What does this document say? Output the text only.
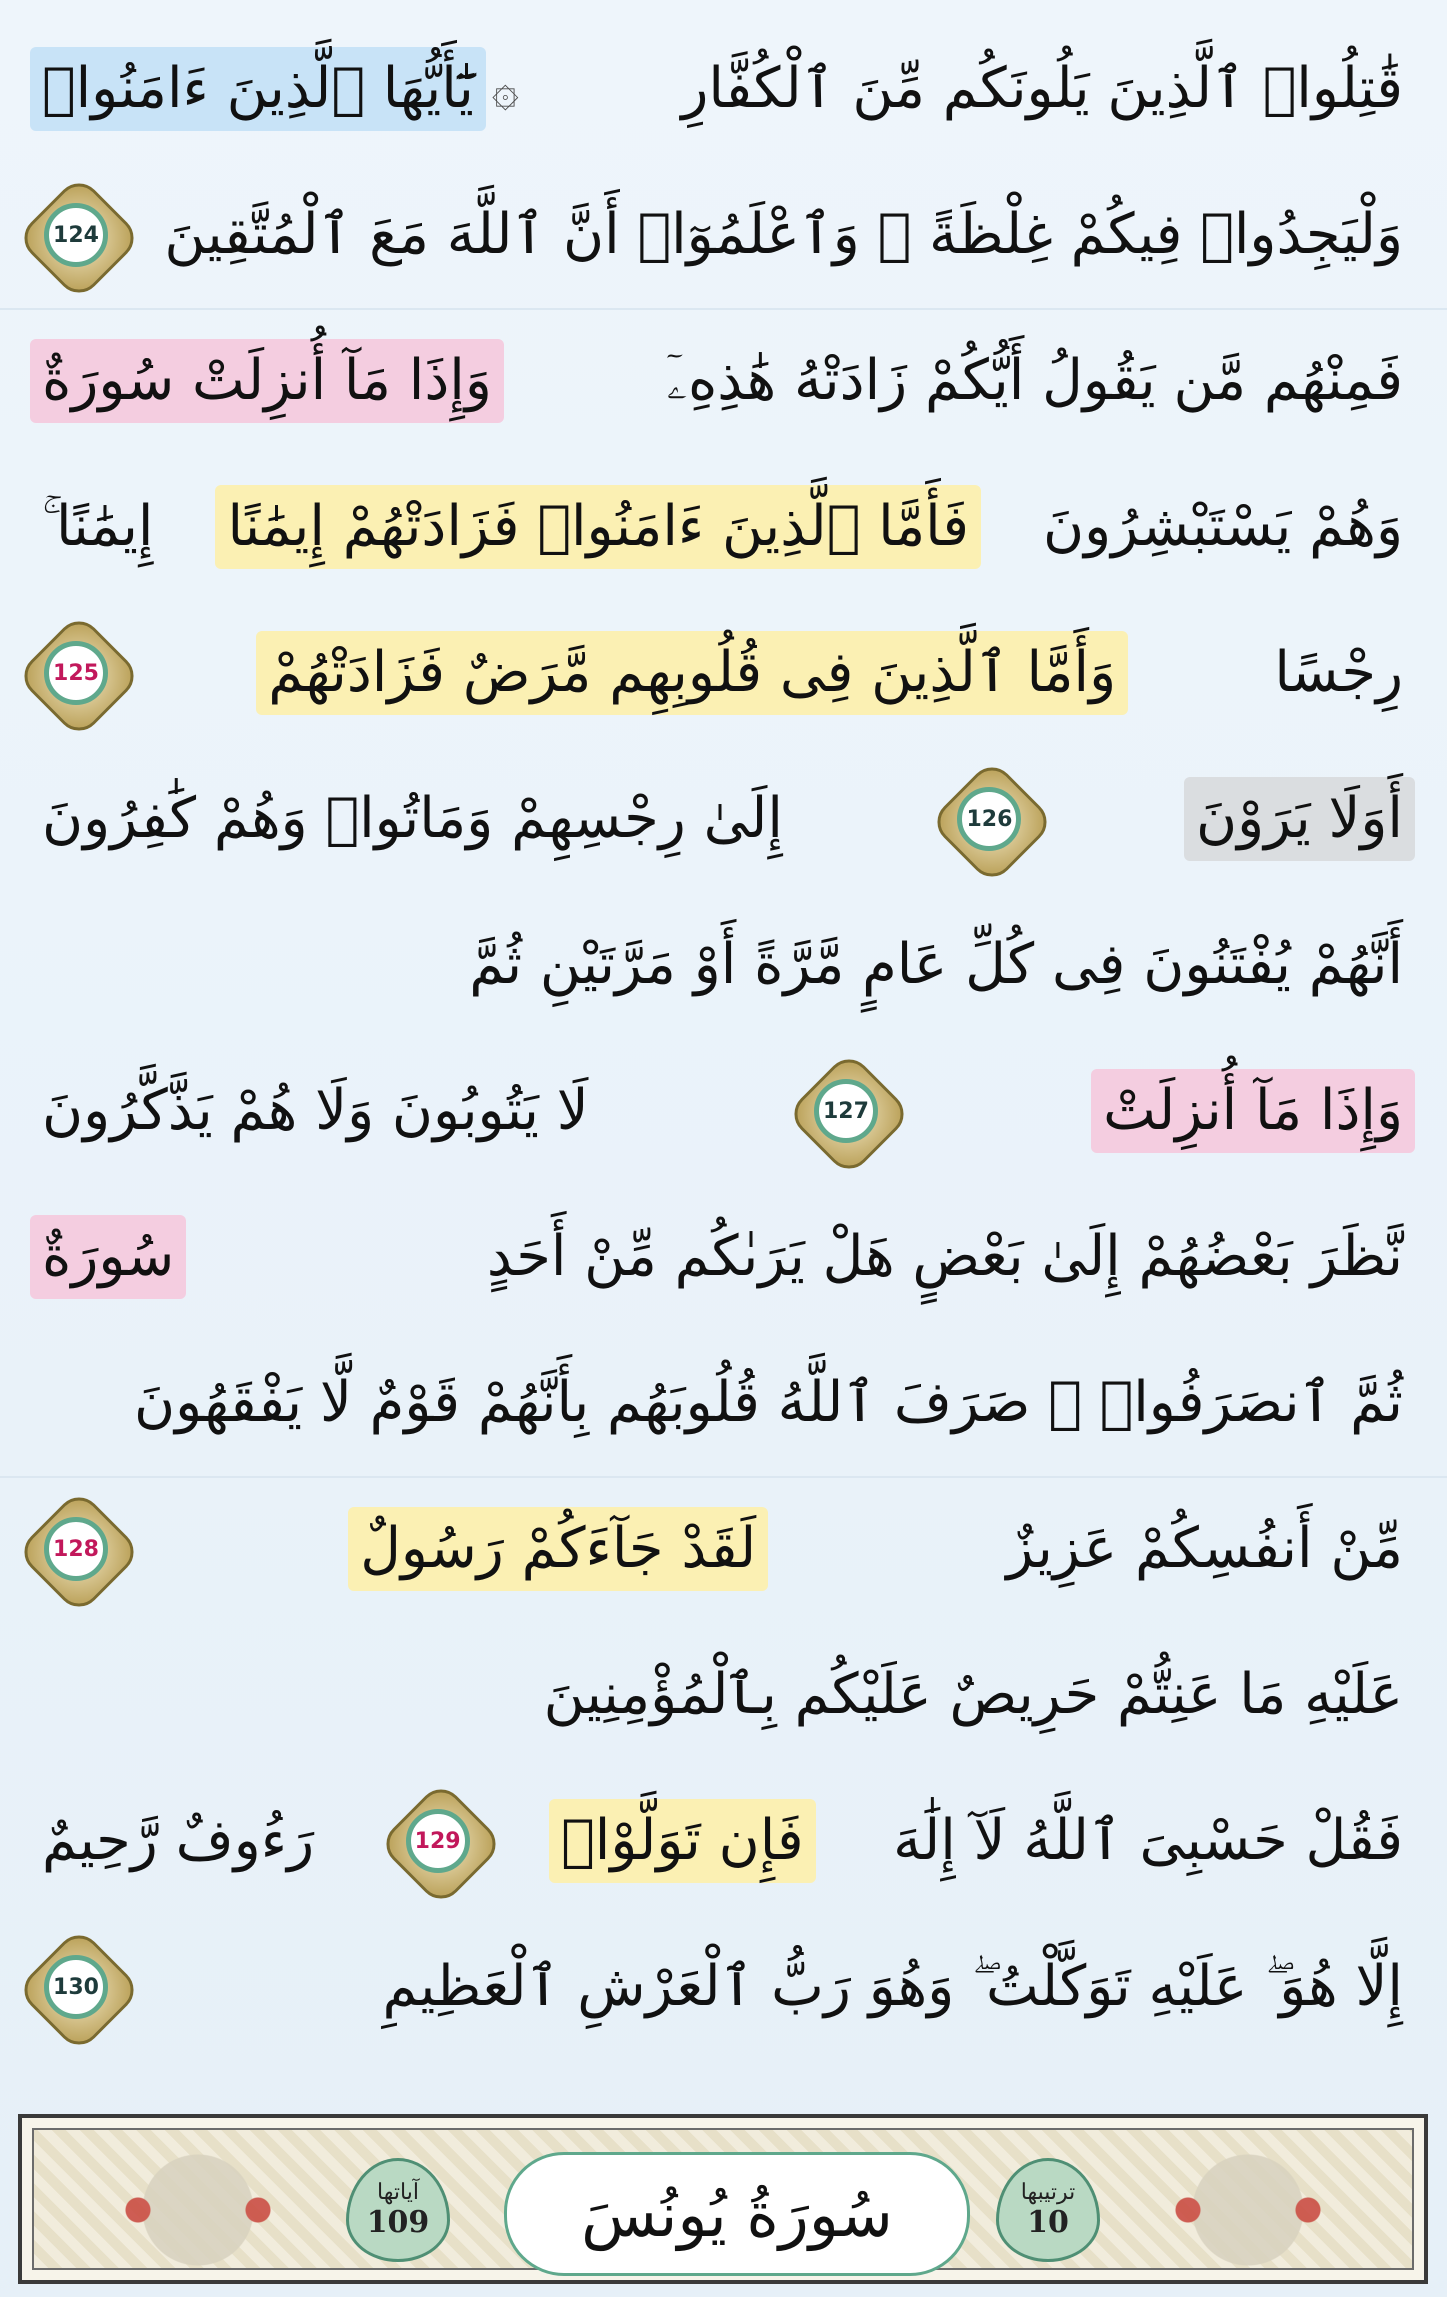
قَٰتِلُوا۟ ٱلَّذِينَ يَلُونَكُم مِّنَ ٱلْكُفَّارِ
۞
يَٰٓأَيُّهَا ٱلَّذِينَ ءَامَنُوا۟
وَلْيَجِدُوا۟ فِيكُمْ غِلْظَةً ۚ وَٱعْلَمُوٓا۟ أَنَّ ٱللَّهَ مَعَ ٱلْمُتَّقِينَ
124
فَمِنْهُم مَّن يَقُولُ أَيُّكُمْ زَادَتْهُ هَٰذِهِۦٓ
وَإِذَا مَآ أُنزِلَتْ سُورَةٌ
وَهُمْ يَسْتَبْشِرُونَ
فَأَمَّا ٱلَّذِينَ ءَامَنُوا۟ فَزَادَتْهُمْ إِيمَٰنًا
إِيمَٰنًا ۚ
رِجْسًا
وَأَمَّا ٱلَّذِينَ فِى قُلُوبِهِم مَّرَضٌ فَزَادَتْهُمْ
125
أَوَلَا يَرَوْنَ
126
إِلَىٰ رِجْسِهِمْ وَمَاتُوا۟ وَهُمْ كَٰفِرُونَ
أَنَّهُمْ يُفْتَنُونَ فِى كُلِّ عَامٍ مَّرَّةً أَوْ مَرَّتَيْنِ ثُمَّ
وَإِذَا مَآ أُنزِلَتْ
127
لَا يَتُوبُونَ وَلَا هُمْ يَذَّكَّرُونَ
نَّظَرَ بَعْضُهُمْ إِلَىٰ بَعْضٍ هَلْ يَرَىٰكُم مِّنْ أَحَدٍ
سُورَةٌ
ثُمَّ ٱنصَرَفُوا۟ ۚ صَرَفَ ٱللَّهُ قُلُوبَهُم بِأَنَّهُمْ قَوْمٌ لَّا يَفْقَهُونَ
مِّنْ أَنفُسِكُمْ عَزِيزٌ
لَقَدْ جَآءَكُمْ رَسُولٌ
128
عَلَيْهِ مَا عَنِتُّمْ حَرِيصٌ عَلَيْكُم بِٱلْمُؤْمِنِينَ
فَقُلْ حَسْبِىَ ٱللَّهُ لَآ إِلَٰهَ
فَإِن تَوَلَّوْا۟
129
رَءُوفٌ رَّحِيمٌ
إِلَّا هُوَ ۖ عَلَيْهِ تَوَكَّلْتُ ۖ وَهُوَ رَبُّ ٱلْعَرْشِ ٱلْعَظِيمِ
130
آياتها
109 سُورَةُ يُونُسَ	ترتيبها
10
